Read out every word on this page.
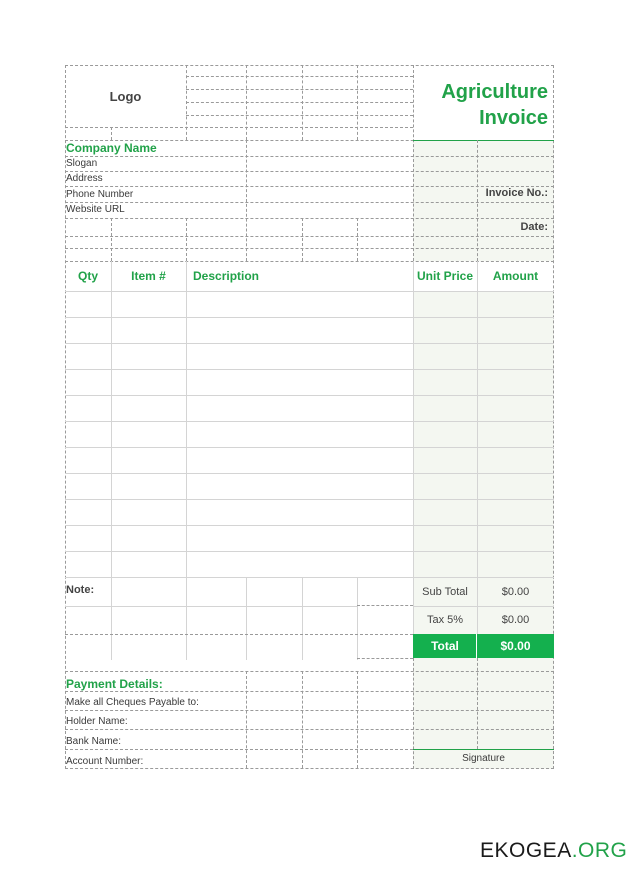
Logo	Agriculture
Invoice
Company Name
Slogan
Address
Phone Number
Website URL
Invoice No.:
Date:
Qty	Item #	Description	Unit Price	Amount
Note:	Sub Total	$0.00
Tax 5%	$0.00
Total	$0.00
Payment Details:
Make all Cheques Payable to:
Holder Name:
Bank Name:
Account Number:	Signature
EKOGEA.ORG
